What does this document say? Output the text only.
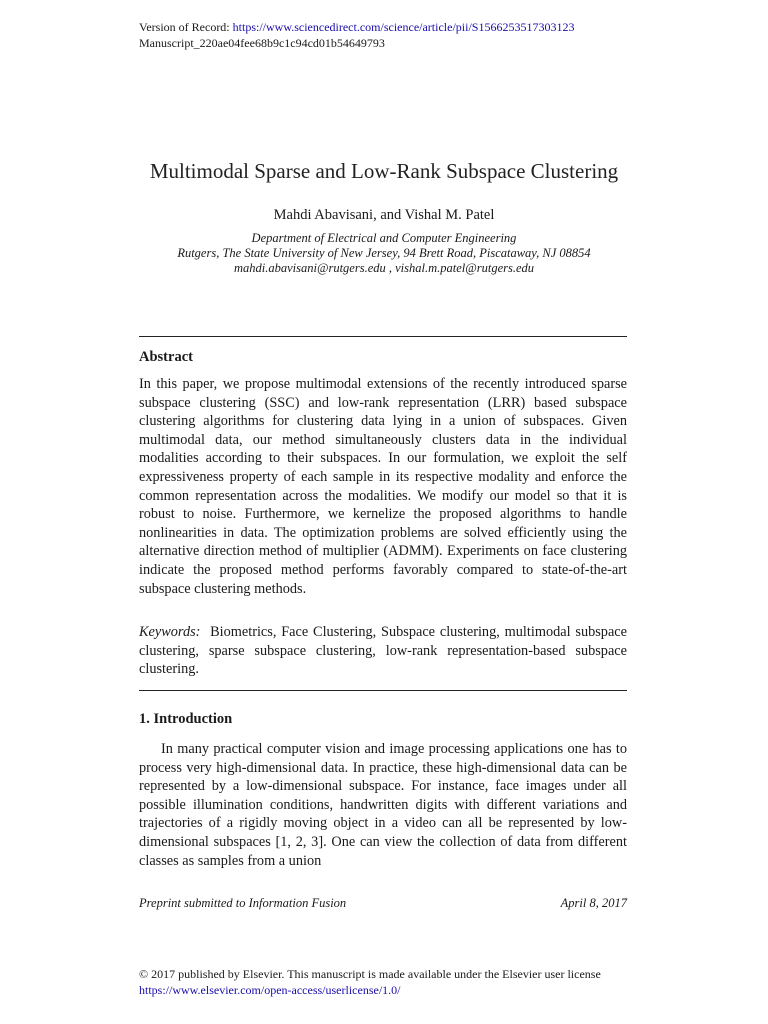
Version of Record: https://www.sciencedirect.com/science/article/pii/S1566253517303123
Manuscript_220ae04fee68b9c1c94cd01b54649793
Multimodal Sparse and Low-Rank Subspace Clustering
Mahdi Abavisani, and Vishal M. Patel
Department of Electrical and Computer Engineering
Rutgers, The State University of New Jersey, 94 Brett Road, Piscataway, NJ 08854
mahdi.abavisani@rutgers.edu , vishal.m.patel@rutgers.edu
Abstract
In this paper, we propose multimodal extensions of the recently introduced sparse subspace clustering (SSC) and low-rank representation (LRR) based subspace clustering algorithms for clustering data lying in a union of subspaces. Given multimodal data, our method simultaneously clusters data in the individual modalities according to their subspaces. In our formulation, we exploit the self expressiveness property of each sample in its respective modality and enforce the common representation across the modalities. We modify our model so that it is robust to noise. Furthermore, we kernelize the proposed algorithms to handle nonlinearities in data. The optimization problems are solved efficiently using the alternative direction method of multiplier (ADMM). Experiments on face clustering indicate the proposed method performs favorably compared to state-of-the-art subspace clustering methods.
Keywords: Biometrics, Face Clustering, Subspace clustering, multimodal subspace clustering, sparse subspace clustering, low-rank representation-based subspace clustering.
1. Introduction
In many practical computer vision and image processing applications one has to process very high-dimensional data. In practice, these high-dimensional data can be represented by a low-dimensional subspace. For instance, face images under all possible illumination conditions, handwritten digits with different variations and trajectories of a rigidly moving object in a video can all be represented by low-dimensional subspaces [1, 2, 3]. One can view the collection of data from different classes as samples from a union
Preprint submitted to Information Fusion	April 8, 2017
© 2017 published by Elsevier. This manuscript is made available under the Elsevier user license
https://www.elsevier.com/open-access/userlicense/1.0/
